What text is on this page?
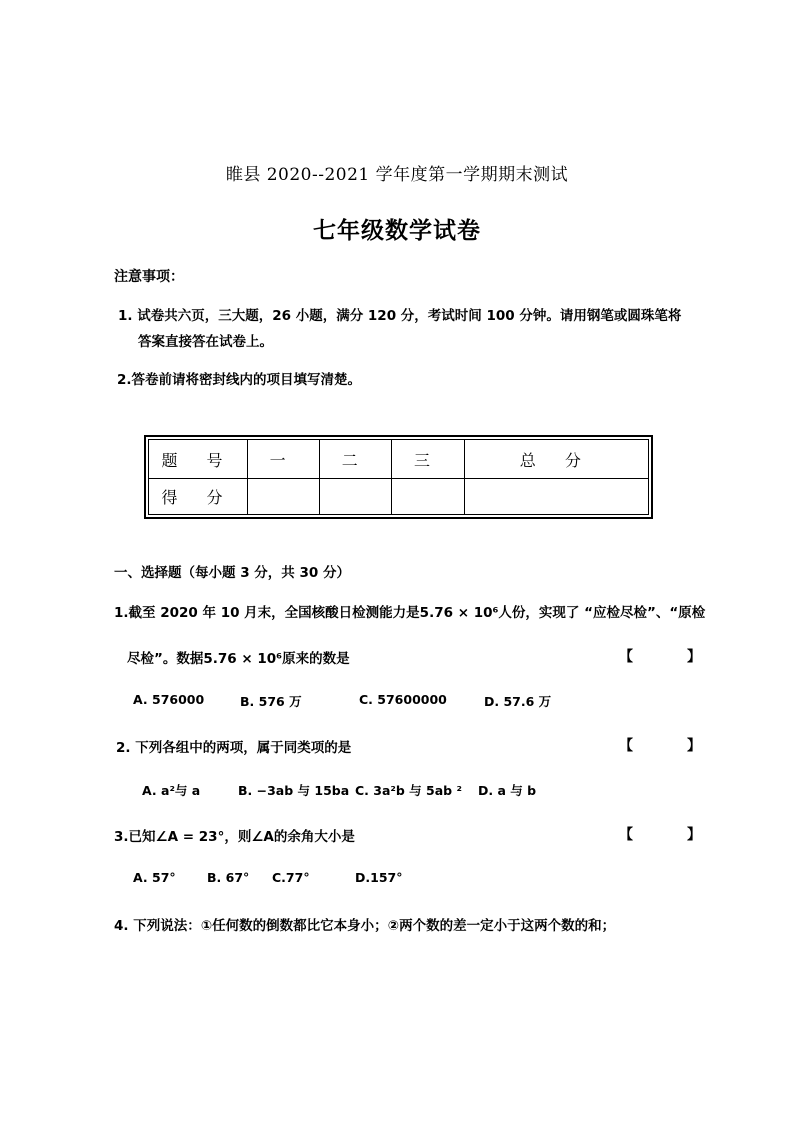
睢县 2020--2021 学年度第一学期期末测试
七年级数学试卷
注意事项：
1. 试卷共六页，三大题，26 小题，满分 120 分，考试时间 100 分钟。请用钢笔或圆珠笔将
答案直接答在试卷上。
2.答卷前请将密封线内的项目填写清楚。
题 号	一	二	三	总 分
得 分				
一、选择题（每小题 3 分，共 30 分）
1.截至 2020 年 10 月末，全国核酸日检测能力是5.76 × 10⁶人份，实现了 “应检尽检”、“原检
尽检”。数据5.76 × 10⁶原来的数是	【　】
A. 576000	B. 576 万	C. 57600000	D. 57.6 万
2. 下列各组中的两项，属于同类项的是	【　】
A. a²与 a	B. −3ab 与 15ba C. 3a²b 与 5ab ² D. a 与 b
3.已知∠A = 23°，则∠A的余角大小是	【　】
A. 57°	B. 67° C.77°	D.157°
4. 下列说法：①任何数的倒数都比它本身小；②两个数的差一定小于这两个数的和；
